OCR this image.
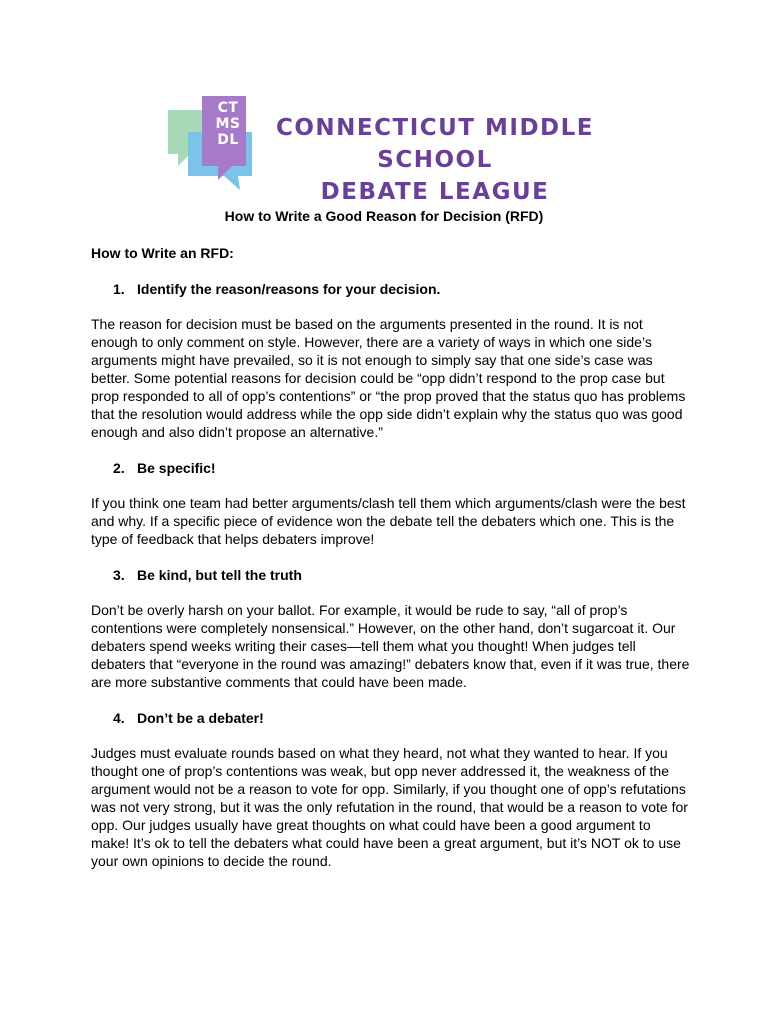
CT
MS
DL	CONNECTICUT MIDDLE SCHOOL
DEBATE LEAGUE
How to Write a Good Reason for Decision (RFD)

How to Write an RFD:

1. Identify the reason/reasons for your decision.

The reason for decision must be based on the arguments presented in the round. It is not enough to only comment on style. However, there are a variety of ways in which one side’s arguments might have prevailed, so it is not enough to simply say that one side’s case was better. Some potential reasons for decision could be “opp didn’t respond to the prop case but prop responded to all of opp’s contentions” or “the prop proved that the status quo has problems that the resolution would address while the opp side didn’t explain why the status quo was good enough and also didn’t propose an alternative.”

2. Be specific!

If you think one team had better arguments/clash tell them which arguments/clash were the best and why. If a specific piece of evidence won the debate tell the debaters which one. This is the type of feedback that helps debaters improve!

3. Be kind, but tell the truth

Don’t be overly harsh on your ballot. For example, it would be rude to say, “all of prop’s contentions were completely nonsensical.” However, on the other hand, don’t sugarcoat it. Our debaters spend weeks writing their cases—tell them what you thought! When judges tell debaters that “everyone in the round was amazing!” debaters know that, even if it was true, there are more substantive comments that could have been made.

4. Don’t be a debater!

Judges must evaluate rounds based on what they heard, not what they wanted to hear. If you thought one of prop’s contentions was weak, but opp never addressed it, the weakness of the argument would not be a reason to vote for opp. Similarly, if you thought one of opp’s refutations was not very strong, but it was the only refutation in the round, that would be a reason to vote for opp. Our judges usually have great thoughts on what could have been a good argument to make! It’s ok to tell the debaters what could have been a great argument, but it’s NOT ok to use your own opinions to decide the round.
